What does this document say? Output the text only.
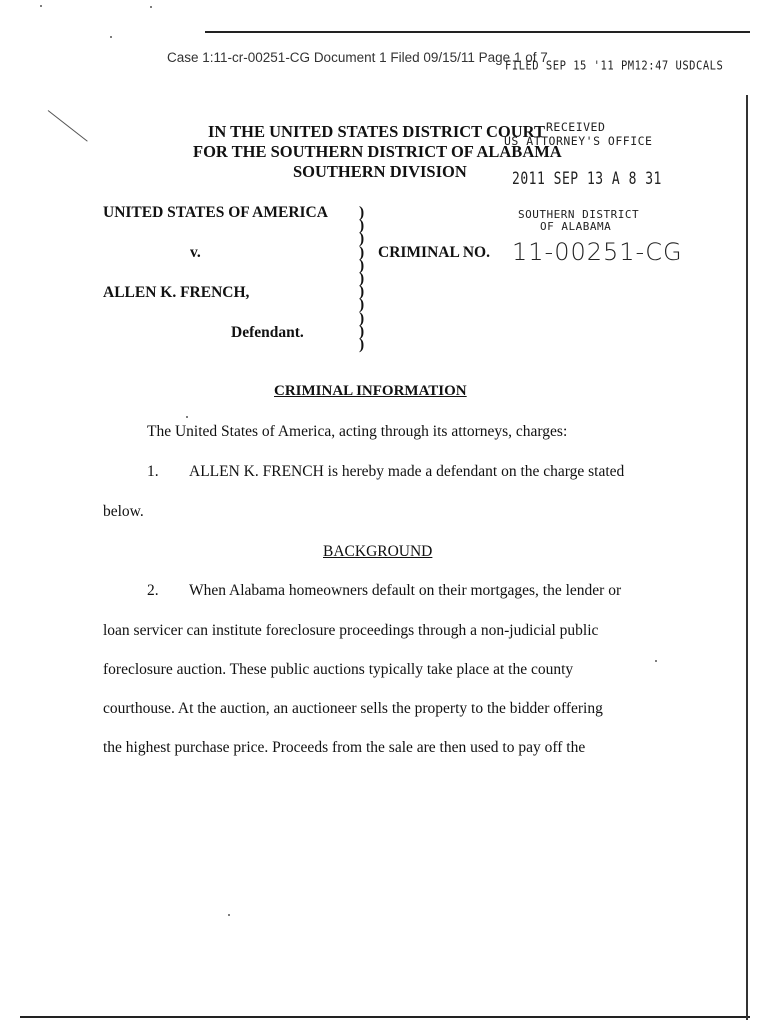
Case 1:11-cr-00251-CG Document 1 Filed 09/15/11 Page 1 of 7
FILED SEP 15 '11 PM12:47 USDCALS
IN THE UNITED STATES DISTRICT COURT
FOR THE SOUTHERN DISTRICT OF ALABAMA
SOUTHERN DIVISION
RECEIVED
US ATTORNEY'S OFFICE
2011 SEP 13 A 8 31
SOUTHERN DISTRICT
OF ALABAMA
UNITED STATES OF AMERICA
v.
ALLEN K. FRENCH,
Defendant.
)
)
)
)
)
)
)
)
)
)
)
CRIMINAL NO. 11-00251-CG
CRIMINAL INFORMATION
The United States of America, acting through its attorneys, charges:
1. ALLEN K. FRENCH is hereby made a defendant on the charge stated
below.
BACKGROUND
2. When Alabama homeowners default on their mortgages, the lender or
loan servicer can institute foreclosure proceedings through a non-judicial public
foreclosure auction. These public auctions typically take place at the county
courthouse. At the auction, an auctioneer sells the property to the bidder offering
the highest purchase price. Proceeds from the sale are then used to pay off the
